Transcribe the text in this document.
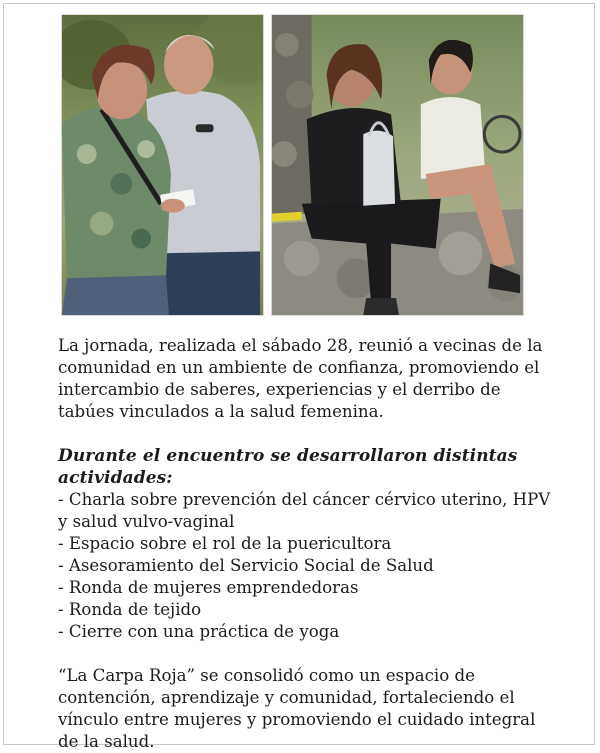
La jornada, realizada el sábado 28, reunió a vecinas de la comunidad en un ambiente de confianza, promoviendo el intercambio de saberes, experiencias y el derribo de tabúes vinculados a la salud femenina.

Durante el encuentro se desarrollaron distintas actividades:

- Charla sobre prevención del cáncer cérvico uterino, HPV y salud vulvo-vaginal
- Espacio sobre el rol de la puericultora
- Asesoramiento del Servicio Social de Salud
- Ronda de mujeres emprendedoras
- Ronda de tejido
- Cierre con una práctica de yoga

“La Carpa Roja” se consolidó como un espacio de contención, aprendizaje y comunidad, fortaleciendo el vínculo entre mujeres y promoviendo el cuidado integral de la salud.
